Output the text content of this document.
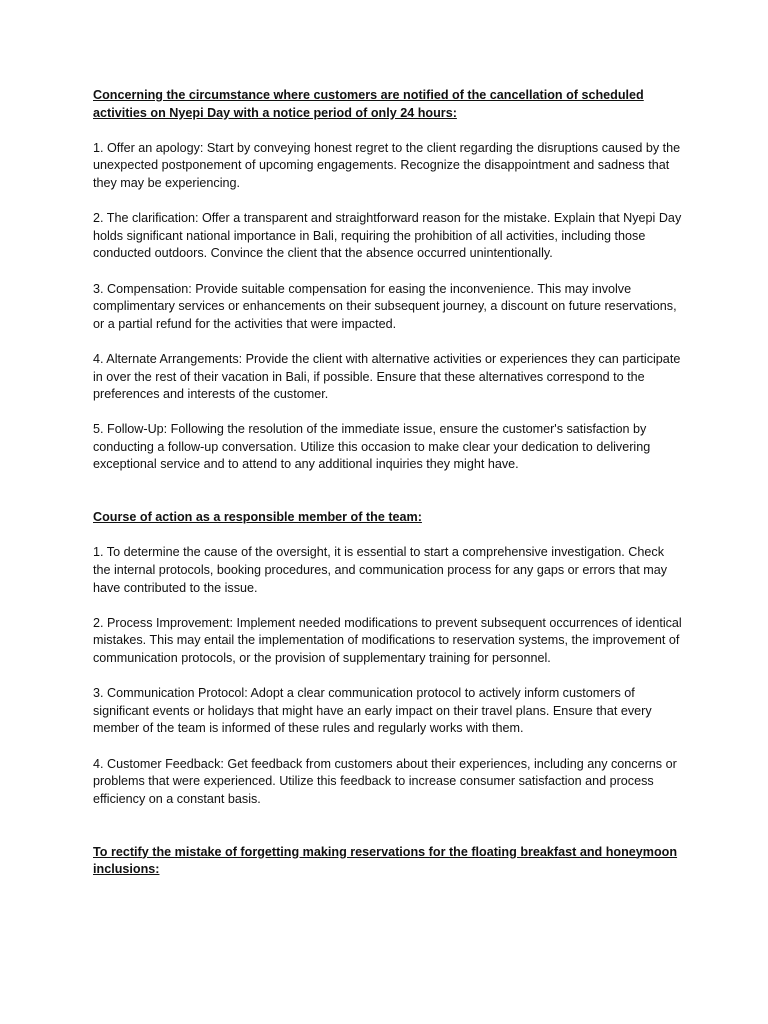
Concerning the circumstance where customers are notified of the cancellation of scheduled activities on Nyepi Day with a notice period of only 24 hours:

1. Offer an apology: Start by conveying honest regret to the client regarding the disruptions caused by the unexpected postponement of upcoming engagements. Recognize the disappointment and sadness that they may be experiencing.

2. The clarification: Offer a transparent and straightforward reason for the mistake. Explain that Nyepi Day holds significant national importance in Bali, requiring the prohibition of all activities, including those conducted outdoors. Convince the client that the absence occurred unintentionally.

3. Compensation: Provide suitable compensation for easing the inconvenience. This may involve complimentary services or enhancements on their subsequent journey, a discount on future reservations, or a partial refund for the activities that were impacted.

4. Alternate Arrangements: Provide the client with alternative activities or experiences they can participate in over the rest of their vacation in Bali, if possible. Ensure that these alternatives correspond to the preferences and interests of the customer.

5. Follow-Up: Following the resolution of the immediate issue, ensure the customer's satisfaction by conducting a follow-up conversation. Utilize this occasion to make clear your dedication to delivering exceptional service and to attend to any additional inquiries they might have.

Course of action as a responsible member of the team:

1. To determine the cause of the oversight, it is essential to start a comprehensive investigation. Check the internal protocols, booking procedures, and communication process for any gaps or errors that may have contributed to the issue.

2. Process Improvement: Implement needed modifications to prevent subsequent occurrences of identical mistakes. This may entail the implementation of modifications to reservation systems, the improvement of communication protocols, or the provision of supplementary training for personnel.

3. Communication Protocol: Adopt a clear communication protocol to actively inform customers of significant events or holidays that might have an early impact on their travel plans. Ensure that every member of the team is informed of these rules and regularly works with them.

4. Customer Feedback: Get feedback from customers about their experiences, including any concerns or problems that were experienced. Utilize this feedback to increase consumer satisfaction and process efficiency on a constant basis.

To rectify the mistake of forgetting making reservations for the floating breakfast and honeymoon inclusions:
